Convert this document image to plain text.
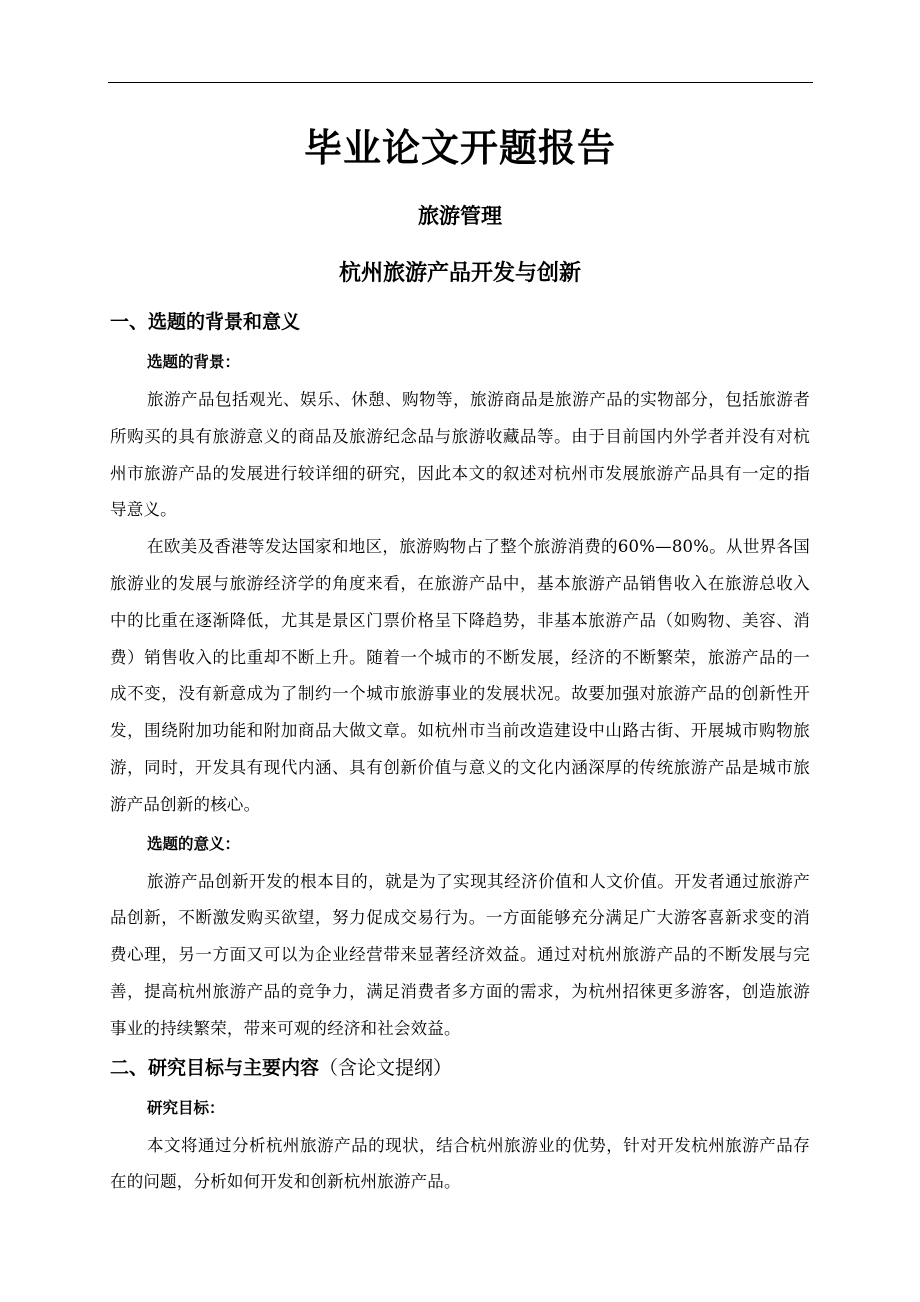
毕业论文开题报告
旅游管理
杭州旅游产品开发与创新

一、选题的背景和意义

选题的背景：

旅游产品包括观光、娱乐、休憩、购物等，旅游商品是旅游产品的实物部分，包括旅游者所购买的具有旅游意义的商品及旅游纪念品与旅游收藏品等。由于目前国内外学者并没有对杭州市旅游产品的发展进行较详细的研究，因此本文的叙述对杭州市发展旅游产品具有一定的指导意义。

在欧美及香港等发达国家和地区，旅游购物占了整个旅游消费的60%—80%。从世界各国旅游业的发展与旅游经济学的角度来看，在旅游产品中，基本旅游产品销售收入在旅游总收入中的比重在逐渐降低，尤其是景区门票价格呈下降趋势，非基本旅游产品（如购物、美容、消费）销售收入的比重却不断上升。随着一个城市的不断发展，经济的不断繁荣，旅游产品的一成不变，没有新意成为了制约一个城市旅游事业的发展状况。故要加强对旅游产品的创新性开发，围绕附加功能和附加商品大做文章。如杭州市当前改造建设中山路古街、开展城市购物旅游，同时，开发具有现代内涵、具有创新价值与意义的文化内涵深厚的传统旅游产品是城市旅游产品创新的核心。

选题的意义：

旅游产品创新开发的根本目的，就是为了实现其经济价值和人文价值。开发者通过旅游产品创新，不断激发购买欲望，努力促成交易行为。一方面能够充分满足广大游客喜新求变的消费心理，另一方面又可以为企业经营带来显著经济效益。通过对杭州旅游产品的不断发展与完善，提高杭州旅游产品的竞争力，满足消费者多方面的需求，为杭州招徕更多游客，创造旅游事业的持续繁荣，带来可观的经济和社会效益。

二、研究目标与主要内容（含论文提纲）

研究目标：

本文将通过分析杭州旅游产品的现状，结合杭州旅游业的优势，针对开发杭州旅游产品存在的问题，分析如何开发和创新杭州旅游产品。
